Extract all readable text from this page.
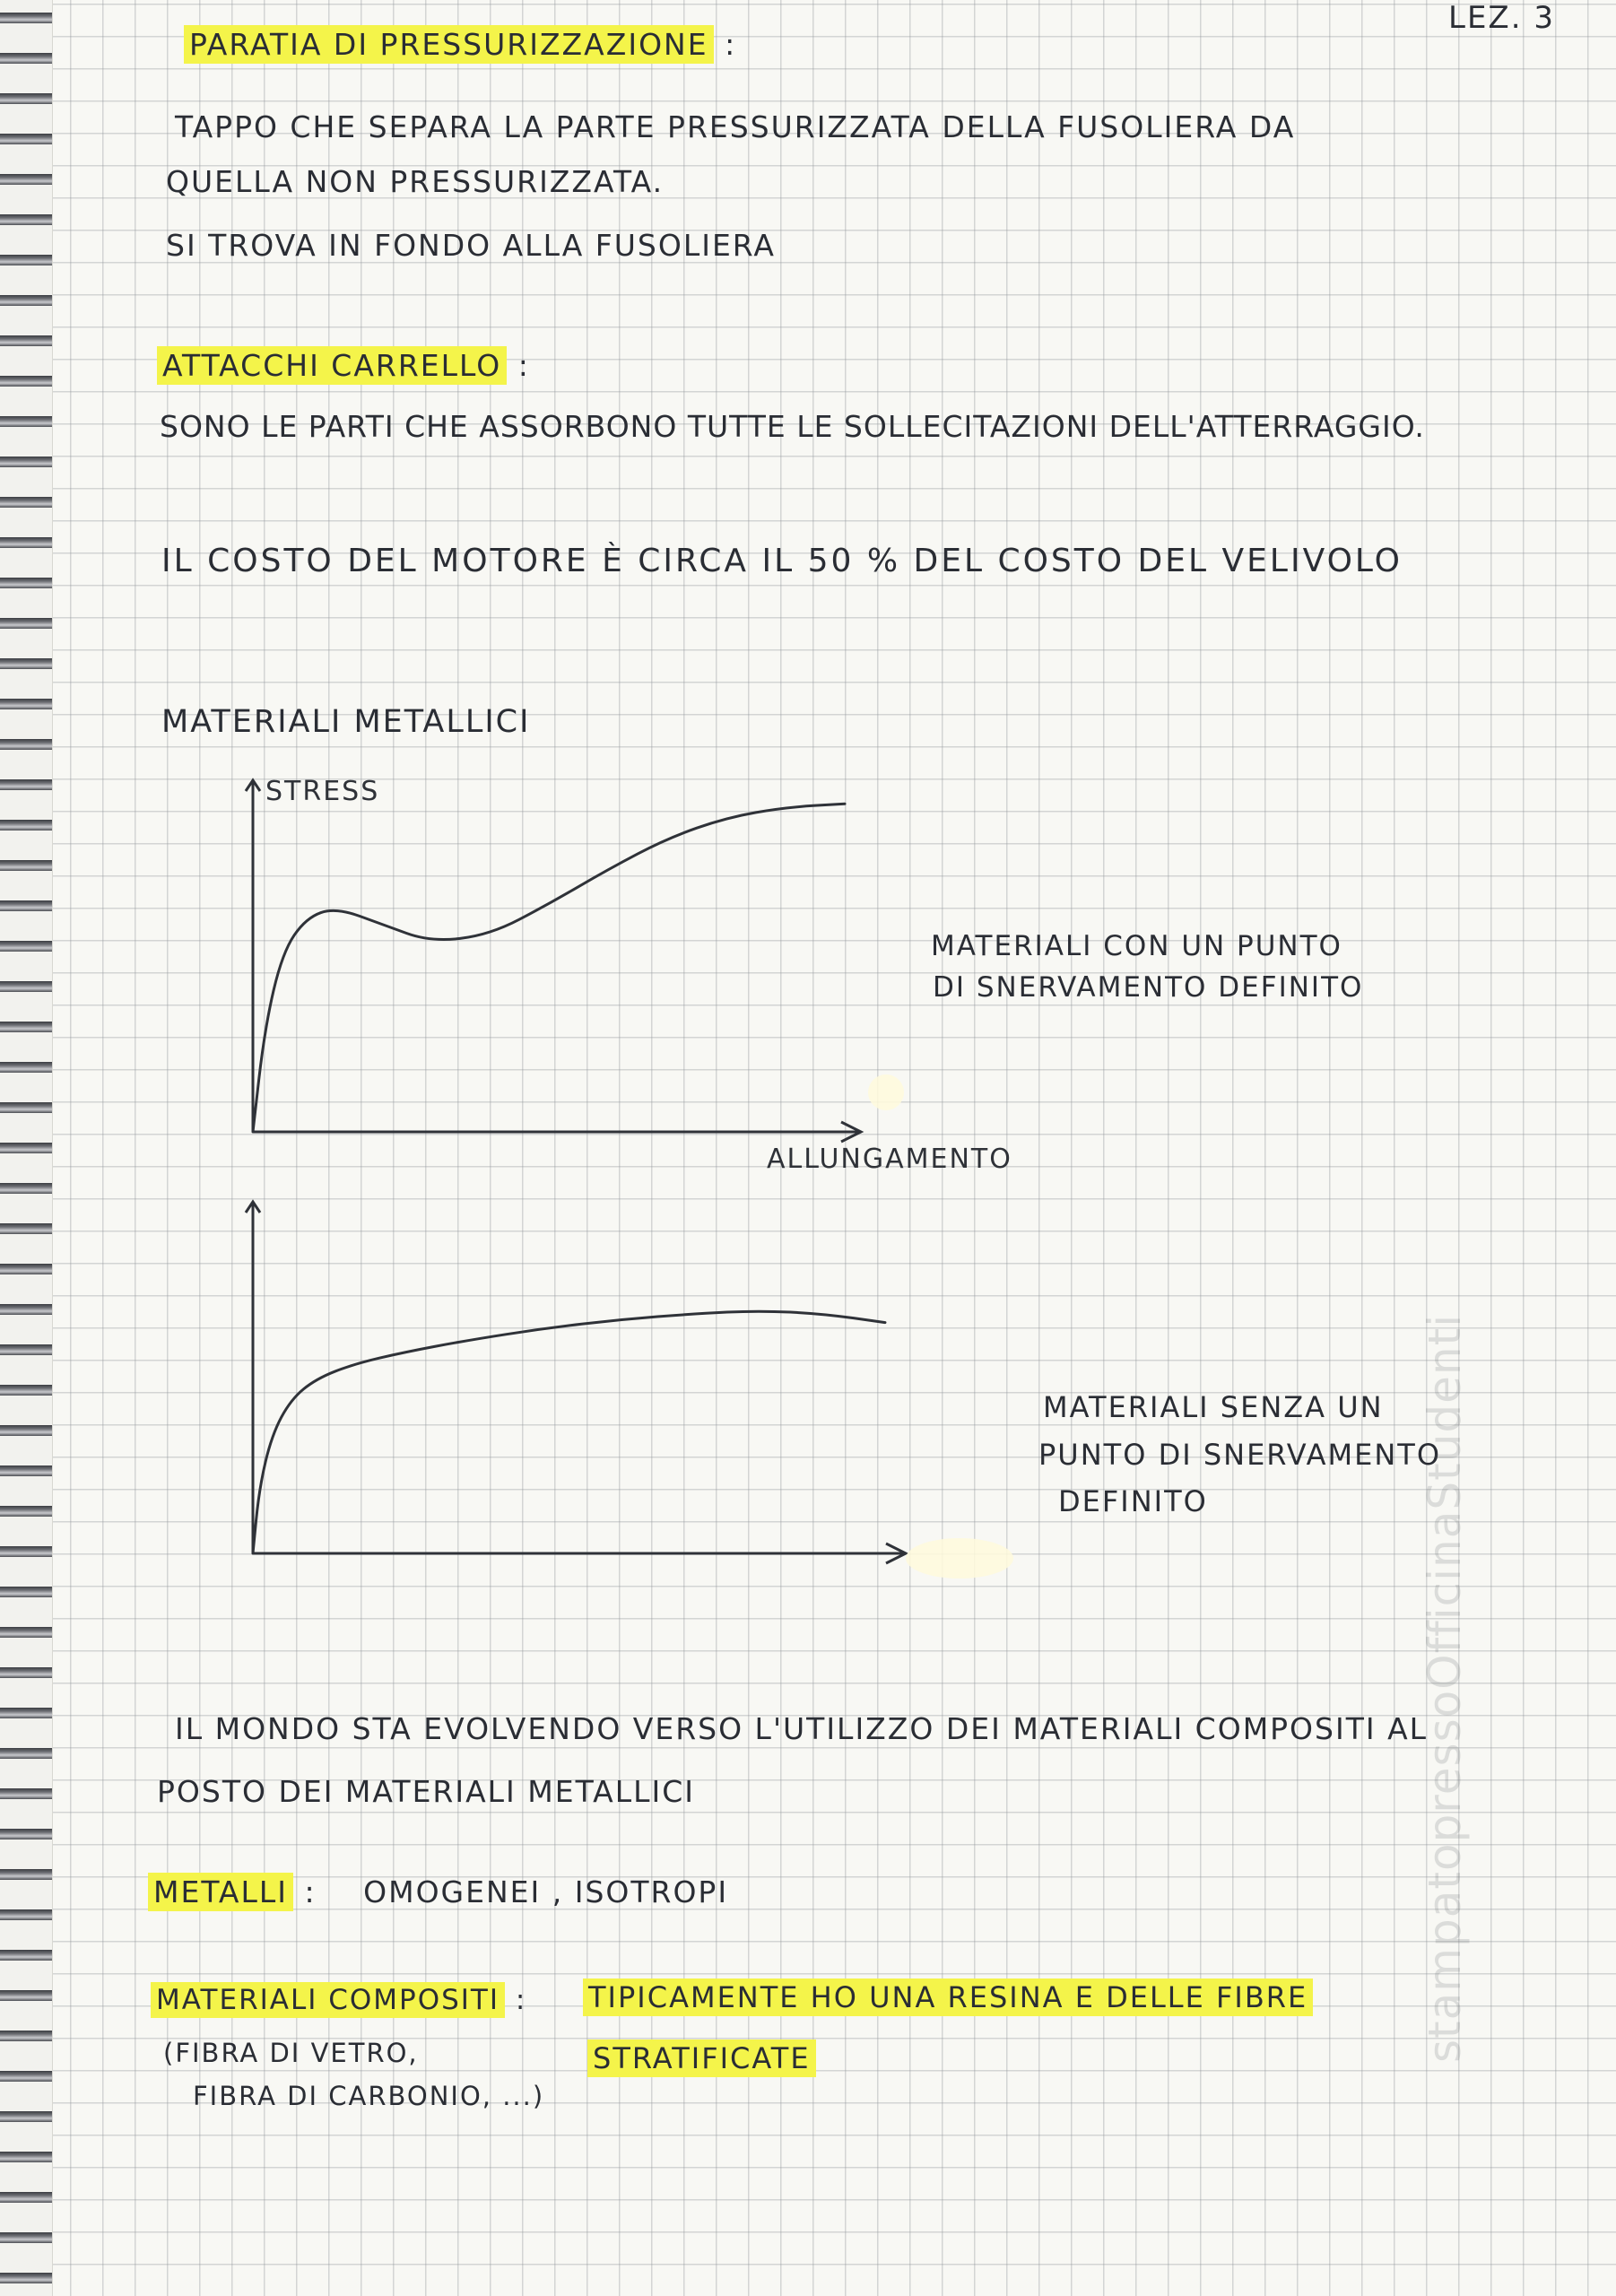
LEZ. 3
PARATIA DI PRESSURIZZAZIONE :
TAPPO CHE SEPARA LA PARTE PRESSURIZZATA DELLA FUSOLIERA DA
QUELLA NON PRESSURIZZATA.
SI TROVA IN FONDO ALLA FUSOLIERA
ATTACCHI CARRELLO :
SONO LE PARTI CHE ASSORBONO TUTTE LE SOLLECITAZIONI DELL'ATTERRAGGIO.
IL COSTO DEL MOTORE È CIRCA IL 50 % DEL COSTO DEL VELIVOLO
MATERIALI METALLICI
STRESS
ALLUNGAMENTO
MATERIALI CON UN PUNTO
DI SNERVAMENTO DEFINITO
MATERIALI SENZA UN
PUNTO DI SNERVAMENTO
DEFINITO
IL MONDO STA EVOLVENDO VERSO L'UTILIZZO DEI MATERIALI COMPOSITI AL
POSTO DEI MATERIALI METALLICI
METALLI : OMOGENEI , ISOTROPI
MATERIALI COMPOSITI : TIPICAMENTE HO UNA RESINA E DELLE FIBRE
STRATIFICATE
(FIBRA DI VETRO,
FIBRA DI CARBONIO, ...)
stampatopressoOfficinaStudenti
